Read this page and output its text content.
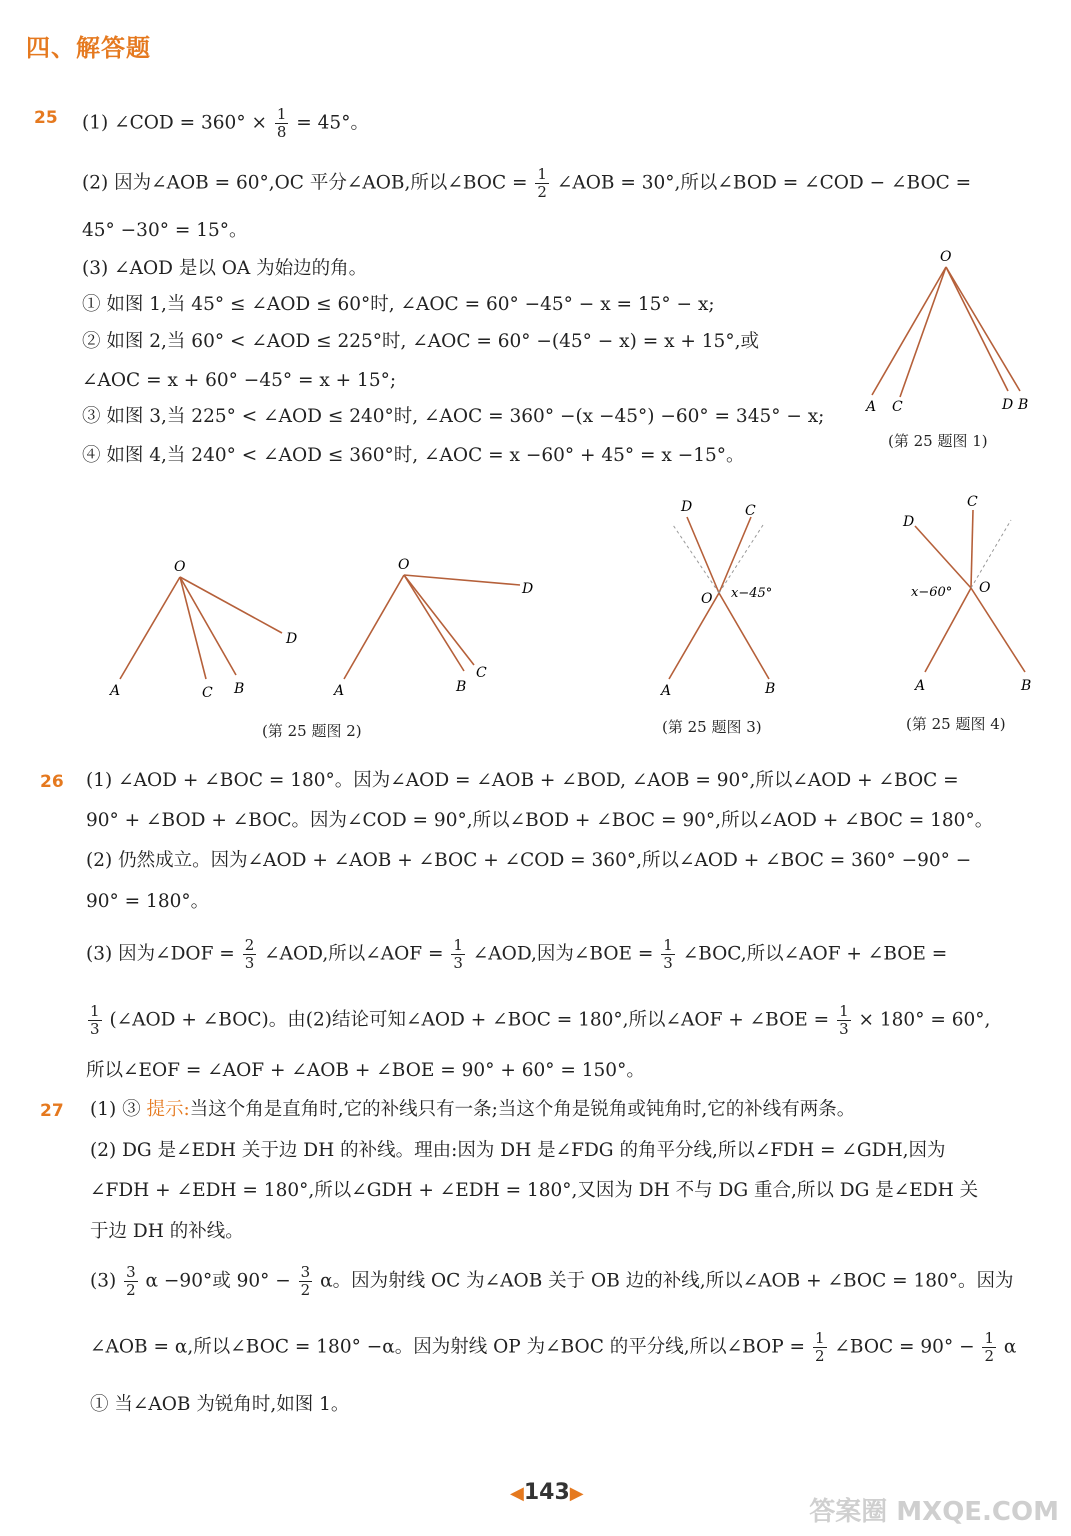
四、解答题
25 (1) ∠COD = $360^\circ \times \frac{1}{8} = 45^\circ$。
(2) 因为∠AOB = 60°,OC 平分∠AOB,所以∠BOC = $\frac{1}{2}$ ∠AOB = 30°,所以∠BOD = ∠COD − ∠BOC =
45° −30° = 15°。
(3) ∠AOD 是以 OA 为始边的角。
① 如图 1,当 45° ≤ ∠AOD ≤ 60°时, ∠AOC = 60° −45° − x = 15° − x;
② 如图 2,当 60° < ∠AOD ≤ 225°时, ∠AOC = 60° −(45° − x) = x + 15°,或
∠AOC = x + 60° −45° = x + 15°;
③ 如图 3,当 225° < ∠AOD ≤ 240°时, ∠AOC = 360° −(x −45°) −60° = 345° − x;
④ 如图 4,当 240° < ∠AOD ≤ 360°时, ∠AOC = x −60° + 45° = x −15°。
O
A C	D B
(第 25 题图 1)
O
A	C B
D
O
A	B
C
D
(第 25 题图 2)
D	C
O x−45°
A	B
(第 25 题图 3)
C
D
x−60° O
A	B
(第 25 题图 4)
26 (1) ∠AOD + ∠BOC = 180°。因为∠AOD = ∠AOB + ∠BOD, ∠AOB = 90°,所以∠AOD + ∠BOC =
90° + ∠BOD + ∠BOC。因为∠COD = 90°,所以∠BOD + ∠BOC = 90°,所以∠AOD + ∠BOC = 180°。
(2) 仍然成立。因为∠AOD + ∠AOB + ∠BOC + ∠COD = 360°,所以∠AOD + ∠BOC = 360° −90° −
90° = 180°。
(3) 因为∠DOF = $\frac{2}{3}$ ∠AOD,所以∠AOF = $\frac{1}{3}$ ∠AOD,因为∠BOE = $\frac{1}{3}$ ∠BOC,所以∠AOF + ∠BOE =
$\frac{1}{3}$ (∠AOD + ∠BOC)。由(2)结论可知∠AOD + ∠BOC = 180°,所以∠AOF + ∠BOE = $\frac{1}{3} \times 180^\circ = 60^\circ$,
所以∠EOF = ∠AOF + ∠AOB + ∠BOE = 90° + 60° = 150°。
27 (1) ③ 提示:当这个角是直角时,它的补线只有一条;当这个角是锐角或钝角时,它的补线有两条。
(2) DG 是∠EDH 关于边 DH 的补线。理由:因为 DH 是∠FDG 的角平分线,所以∠FDH = ∠GDH,因为
∠FDH + ∠EDH = 180°,所以∠GDH + ∠EDH = 180°,又因为 DH 不与 DG 重合,所以 DG 是∠EDH 关
于边 DH 的补线。
$(3) \frac{3}{2}$ α −90°或 $90^\circ - \frac{3}{2}$ α。因为射线 OC 为∠AOB 关于 OB 边的补线,所以∠AOB + ∠BOC = 180°。因为
∠AOB = α,所以∠BOC = 180° −α。因为射线 OP 为∠BOC 的平分线,所以∠BOP = $\frac{1}{2}$ ∠BOC = $90^\circ - \frac{1}{2}$ α
① 当∠AOB 为锐角时,如图 1。
◀143▶
答案圈 MXQE.COM
